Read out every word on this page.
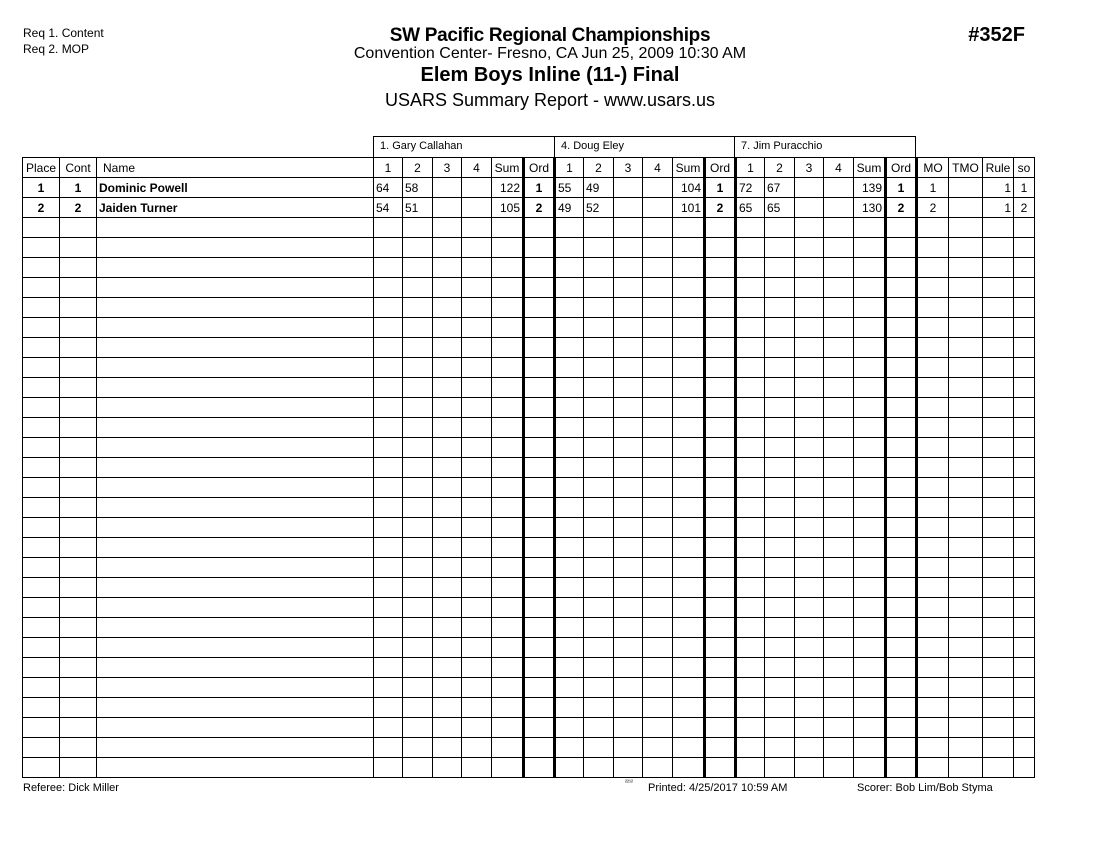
Req 1. Content
Req 2. MOP
SW Pacific Regional Championships
Convention Center- Fresno, CA Jun 25, 2009 10:30 AM
Elem Boys Inline (11-) Final
USARS Summary Report - www.usars.us
#352F
1. Gary Callahan	4. Doug Eley	7. Jim Puracchio
Place	Cont	Name	1	2	3	4	Sum	Ord	1	2	3	4	Sum	Ord	1	2	3	4	Sum	Ord	MO	TMO	Rule	so
1	1	Dominic Powell	64	58			122	1	55	49			104	1	72	67			139	1	1		1	1
2	2	Jaiden Turner	54	51			105	2	49	52			101	2	65	65			130	2	2		1	2

Referee: Dick Miller	²²¹² Printed: 4/25/2017 10:59 AM	Scorer: Bob Lim/Bob Styma
